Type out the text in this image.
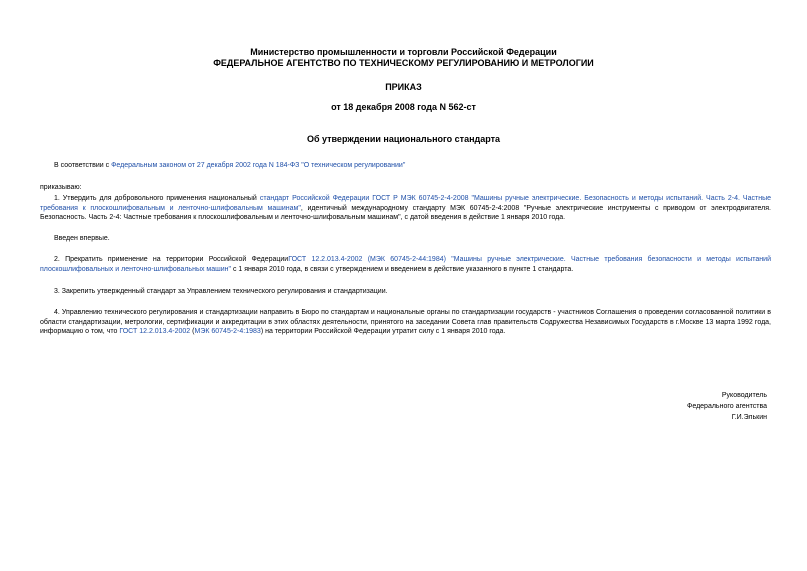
Министерство промышленности и торговли Российской Федерации
ФЕДЕРАЛЬНОЕ АГЕНТСТВО ПО ТЕХНИЧЕСКОМУ РЕГУЛИРОВАНИЮ И МЕТРОЛОГИИ
ПРИКАЗ
от 18 декабря 2008 года N 562-ст
Об утверждении национального стандарта

В соответствии с Федеральным законом от 27 декабря 2002 года N 184-ФЗ "О техническом регулировании"

приказываю:

1. Утвердить для добровольного применения национальный стандарт Российской Федерации ГОСТ Р МЭК 60745-2-4-2008 "Машины ручные электрические. Безопасность и методы испытаний. Часть 2-4. Частные требования к плоскошлифовальным и ленточно-шлифовальным машинам", идентичный международному стандарту МЭК 60745-2-4:2008 "Ручные электрические инструменты с приводом от электродвигателя. Безопасность. Часть 2-4: Частные требования к плоскошлифовальным и ленточно-шлифовальным машинам", с датой введения в действие 1 января 2010 года.

Введен впервые.

2. Прекратить применение на территории Российской ФедерацииГОСТ 12.2.013.4-2002 (МЭК 60745-2-44:1984) "Машины ручные электрические. Частные требования безопасности и методы испытаний плоскошлифовальных и ленточно-шлифовальных машин" с 1 января 2010 года, в связи с утверждением и введением в действие указанного в пункте 1 стандарта.

3. Закрепить утвержденный стандарт за Управлением технического регулирования и стандартизации.

4. Управлению технического регулирования и стандартизации направить в Бюро по стандартам и национальные органы по стандартизации государств - участников Соглашения о проведении согласованной политики в области стандартизации, метрологии, сертификации и аккредитации в этих областях деятельности, принятого на заседании Совета глав правительств Содружества Независимых Государств в г.Москве 13 марта 1992 года, информацию о том, что ГОСТ 12.2.013.4-2002 (МЭК 60745-2-4:1983) на территории Российской Федерации утратит силу с 1 января 2010 года.

Руководитель
Федерального агентства
Г.И.Элькин
